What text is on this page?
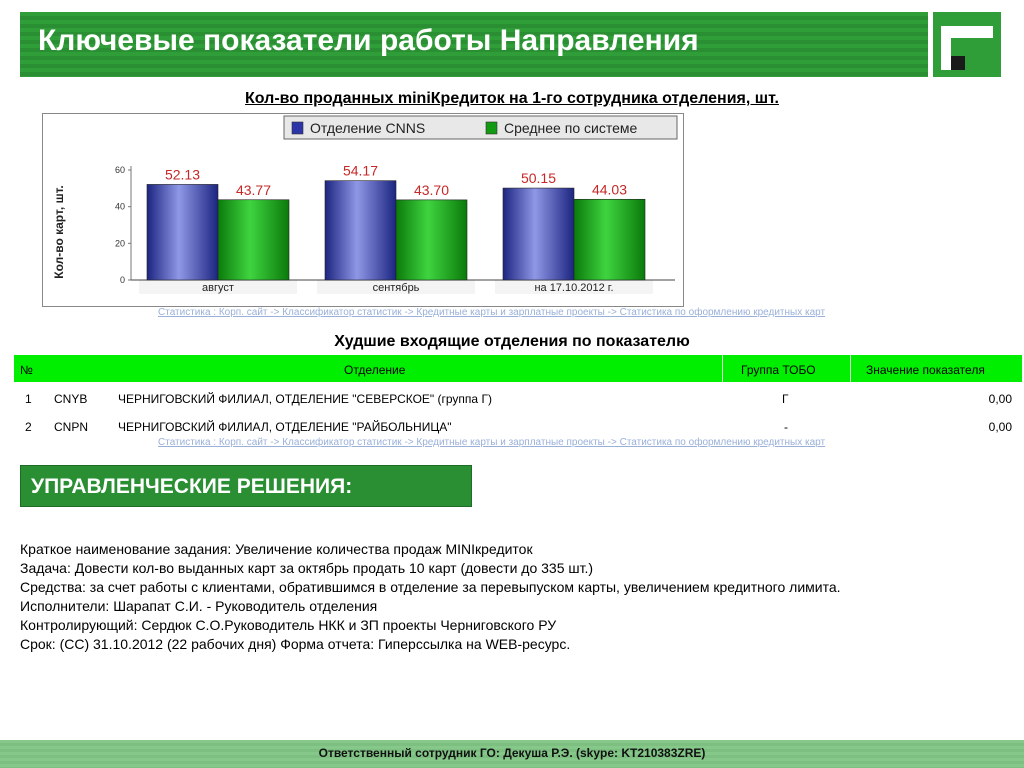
Ключевые показатели работы Направления
Кол-во проданных miniКредиток на 1-го сотрудника отделения, шт.
Отделение CNNS	Среднее по системе
Кол-во карт, шт.
0
20
40
60
август	сентябрь	на 17.10.2012 г.
52.13
43.77
54.17
43.70
50.15
44.03
Статистика : Корп. сайт -> Классификатор статистик -> Кредитные карты и зарплатные проекты -> Статистика по оформлению кредитных карт
Худшие входящие отделения по показателю
№	Отделение	Группа ТОБО	Значение показателя
1 CNYB	ЧЕРНИГОВСКИЙ ФИЛИАЛ, ОТДЕЛЕНИЕ "СЕВЕРСКОЕ" (группа Г)	Г	0,00
2 CNPN ЧЕРНИГОВСКИЙ ФИЛИАЛ, ОТДЕЛЕНИЕ "РАЙБОЛЬНИЦА"	-	0,00
Статистика : Корп. сайт -> Классификатор статистик -> Кредитные карты и зарплатные проекты -> Статистика по оформлению кредитных карт
УПРАВЛЕНЧЕСКИЕ РЕШЕНИЯ:
Краткое наименование задания: Увеличение количества продаж MINIкредиток
Задача: Довести кол-во выданных карт за октябрь продать 10 карт (довести до 335 шт.)
Средства: за счет работы с клиентами, обратившимся в отделение за перевыпуском карты, увеличением кредитного лимита.
Исполнители: Шарапат С.И. - Руководитель отделения
Контролирующий: Сердюк С.О.Руководитель НКК и ЗП проекты Черниговского РУ
Срок: (СС) 31.10.2012 (22 рабочих дня) Форма отчета: Гиперссылка на WEB-ресурс.
Ответственный сотрудник ГО: Декуша Р.Э. (skype: KT210383ZRE)
